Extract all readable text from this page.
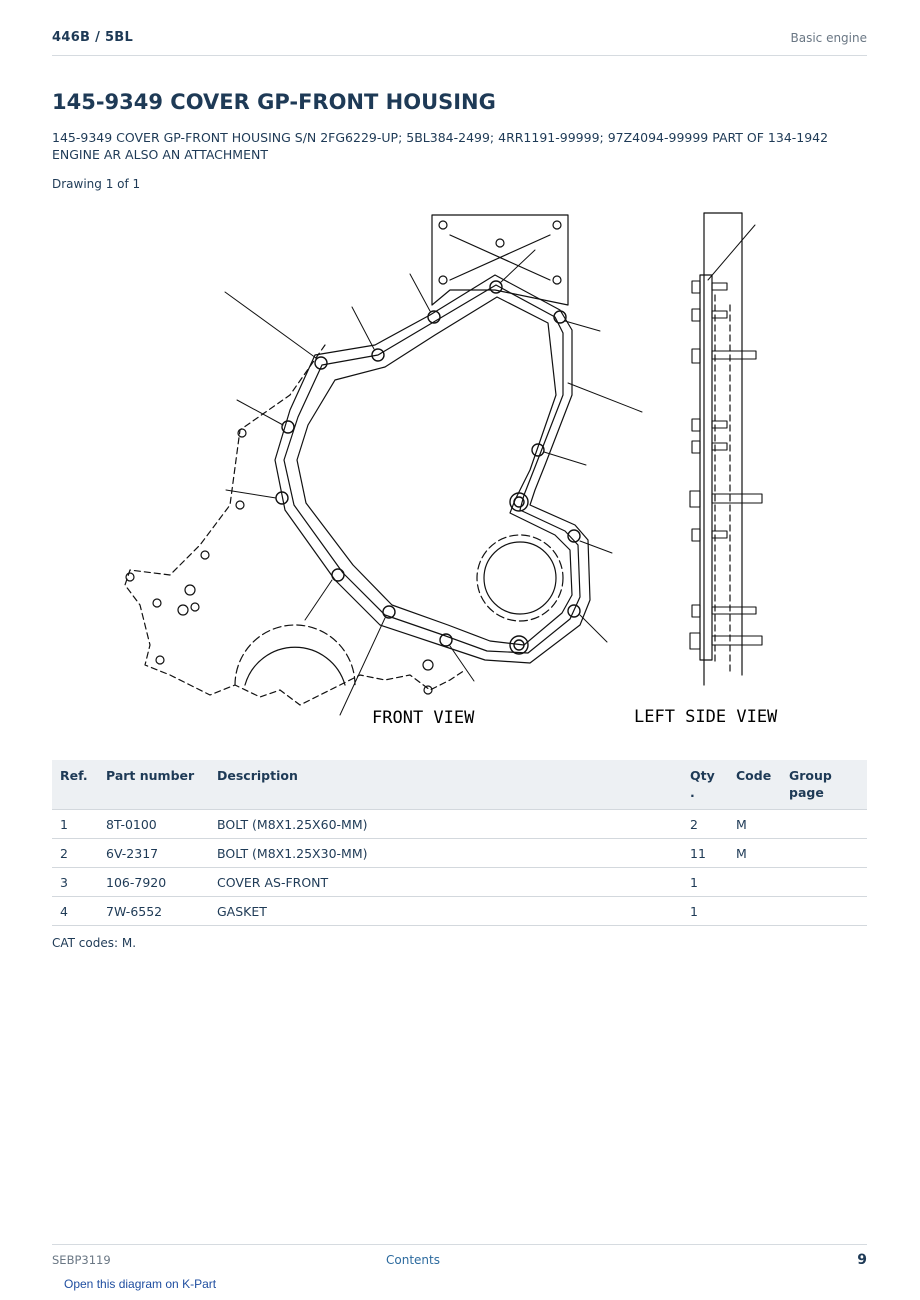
446B / 5BL	Basic engine
145-9349 COVER GP-FRONT HOUSING
145-9349 COVER GP-FRONT HOUSING S/N 2FG6229-UP; 5BL384-2499; 4RR1191-99999; 97Z4094-99999 PART OF 134-1942 ENGINE AR ALSO AN ATTACHMENT
Drawing 1 of 1
FRONT VIEW	LEFT SIDE VIEW
Ref.	Part number	Description	Qty .	Code	Group page
1	8T-0100	BOLT (M8X1.25X60-MM)	2	M	
2	6V-2317	BOLT (M8X1.25X30-MM)	11	M	
3	106-7920	COVER AS-FRONT	1		
4	7W-6552	GASKET	1		
CAT codes: M.
SEBP3119	Contents	9
Open this diagram on K-Part
